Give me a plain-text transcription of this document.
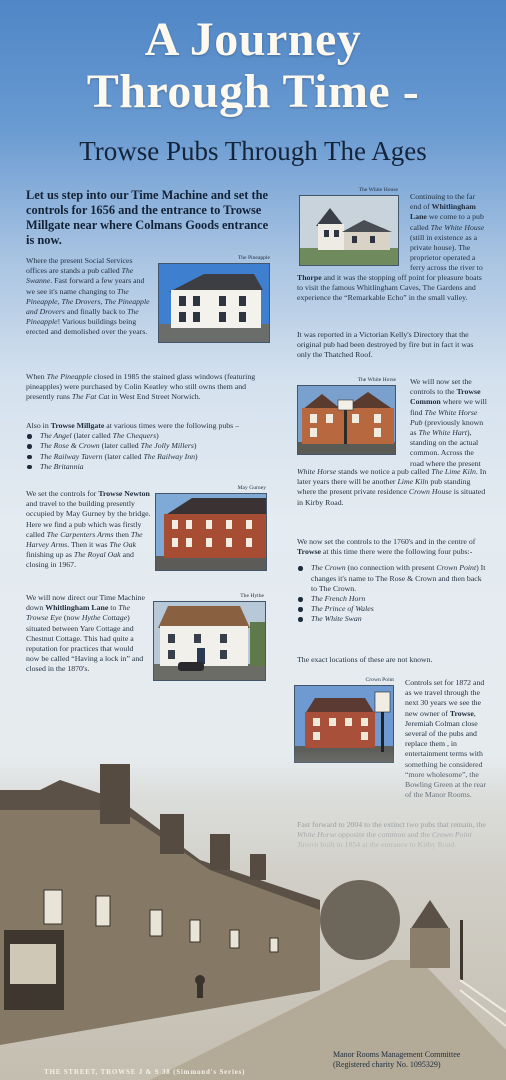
A Journey
Through Time -
Trowse Pubs Through The Ages
Let us step into our Time Machine and set the controls for 1656 and the entrance to Trowse Millgate near where Colmans Goods entrance is now.
Where the present Social Services offices are stands a pub called The Swanne. Fast forward a few years and we see it's name changing to The Pineapple, The Drovers, The Pineapple and Drovers and finally back to The Pineapple! Various buildings being erected and demolished over the years.
The Pineapple
When The Pineapple closed in 1985 the stained glass windows (featuring pineapples) were purchased by Colin Keatley who still owns them and presently runs The Fat Cat in West End Street Norwich.
Also in Trowse Millgate at various times were the following pubs –
The Angel (later called The Chequers)
The Rose & Crown (later called The Jolly Millers)
The Railway Tavern (later called The Railway Inn)
The Britannia
We set the controls for Trowse Newton and travel to the building presently occupied by May Gurney by the bridge. Here we find a pub which was firstly called The Carpenters Arms then The Harvey Arms. Then it was The Oak finishing up as The Royal Oak and closing in 1967.
May Gurney
We will now direct our Time Machine down Whitlingham Lane to The Trowse Eye (now Hythe Cottage) situated between Yare Cottage and Chestnut Cottage. This had quite a reputation for practices that would now be called “Having a lock in” and closed in the 1870's.
The Hythe
The White House
Continuing to the far end of Whitlingham Lane we come to a pub called The White House (still in existence as a private house). The proprietor operated a ferry across the river to
Thorpe and it was the stopping off point for pleasure boats to visit the famous Whitlingham Caves, The Gardens and experience the “Remarkable Echo” in the small valley.
It was reported in a Victorian Kelly's Directory that the original pub had been destroyed by fire but in fact it was only the Thatched Roof.
The White Horse We will now set the controls to the Trowse Common where we will find The White Horse Pub (previously known as The White Hart), standing on the actual common. Across the road where the present
White Horse stands we notice a pub called The Lime Kiln. In later years there will be another Lime Kiln pub standing where the present private residence Crown House is situated in Kirby Road.
We now set the controls to the 1760's and in the centre of Trowse at this time there were the following four pubs:-
The Crown (no connection with present Crown Point) It changes it's name to The Rose & Crown and then back to The Crown.
The French Horn
The Prince of Wales
The White Swan
The exact locations of these are not known.
Crown Point Controls set for 1872 and as we travel through the next 30 years we see the new owner of Trowse, Jeremiah Colman close several of the pubs and replace them , in
THE STREET, TROWSE J & S 38 (Simmond's Series)
Manor Rooms Management Committee
(Registered charity No. 1095329)
